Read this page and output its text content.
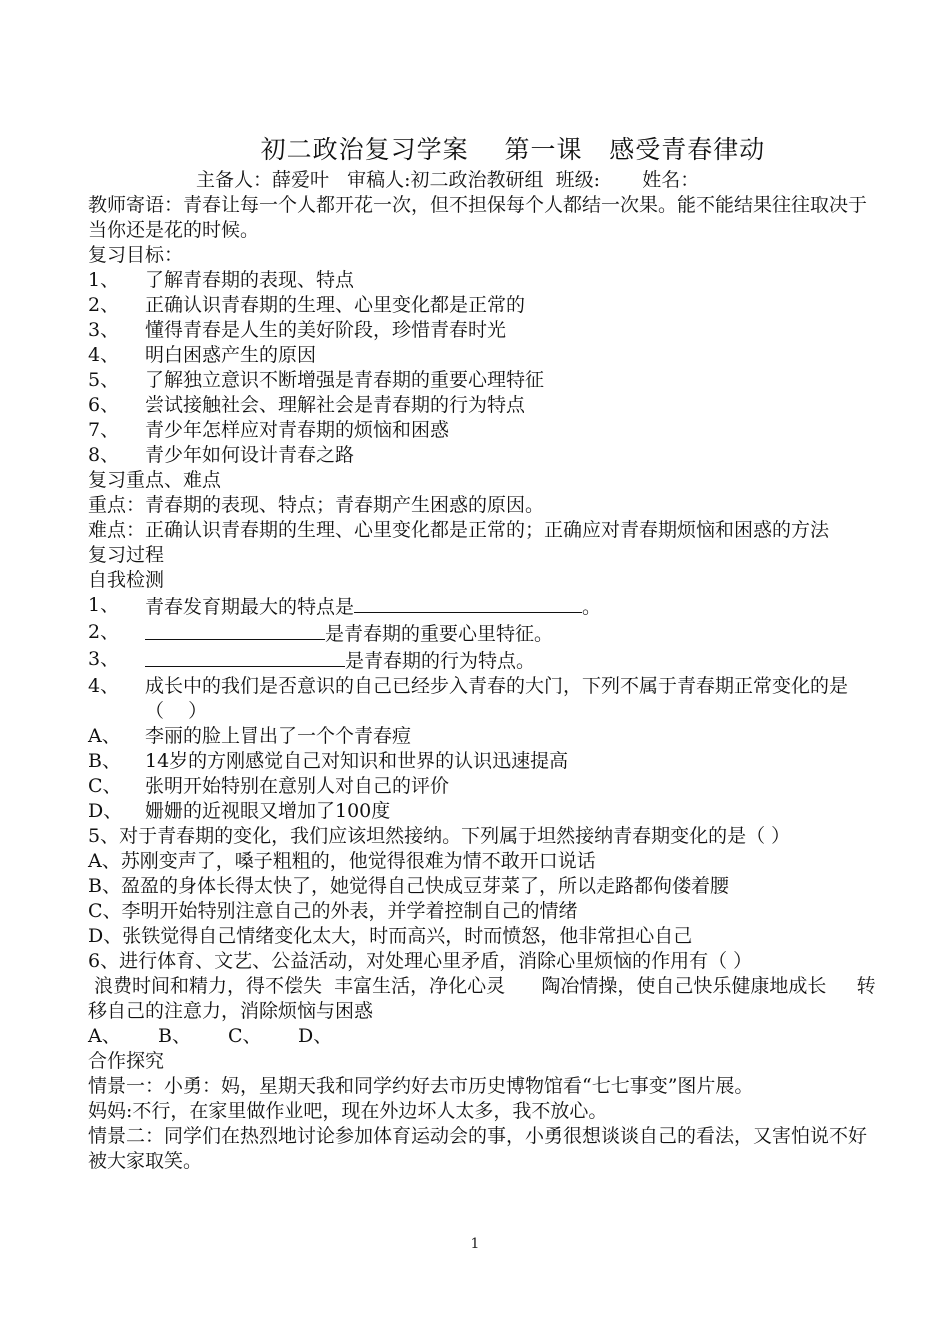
初二政治复习学案    第一课   感受青春律动
主备人：薛爱叶   审稿人:初二政治教研组  班级:       姓名：

教师寄语：青春让每一个人都开花一次，但不担保每个人都结一次果。能不能结果往往取决于当你还是花的时候。

复习目标：

1、	了解青春期的表现、特点
2、	正确认识青春期的生理、心里变化都是正常的
3、	懂得青春是人生的美好阶段，珍惜青春时光
4、	明白困惑产生的原因
5、	了解独立意识不断增强是青春期的重要心理特征
6、	尝试接触社会、理解社会是青春期的行为特点
7、	青少年怎样应对青春期的烦恼和困惑
8、	青少年如何设计青春之路

复习重点、难点

重点：青春期的表现、特点；青春期产生困惑的原因。

难点：正确认识青春期的生理、心里变化都是正常的；正确应对青春期烦恼和困惑的方法

复习过程

自我检测

1、	青春发育期最大的特点是	。
2、	是青春期的重要心里特征。
3、	是青春期的行为特点。
4、	成长中的我们是否意识的自己已经步入青春的大门，下列不属于青春期正常变化的是      （    ）
A、	李丽的脸上冒出了一个个青春痘
B、	14岁的方刚感觉自己对知识和世界的认识迅速提高
C、	张明开始特别在意别人对自己的评价
D、	姗姗的近视眼又增加了100度

5、对于青春期的变化，我们应该坦然接纳。下列属于坦然接纳青春期变化的是（ ）

A、苏刚变声了，嗓子粗粗的，他觉得很难为情不敢开口说话

B、盈盈的身体长得太快了，她觉得自己快成豆芽菜了，所以走路都佝偻着腰

C、李明开始特别注意自己的外表，并学着控制自己的情绪

D、张铁觉得自己情绪变化太大，时而高兴，时而愤怒，他非常担心自己

6、进行体育、文艺、公益活动，对处理心里矛盾，消除心里烦恼的作用有（ ）

浪费时间和精力，得不偿失  丰富生活，净化心灵      陶冶情操，使自己快乐健康地成长     转移自己的注意力，消除烦恼与困惑

A、	B、	C、	D、

合作探究

情景一：小勇：妈，星期天我和同学约好去市历史博物馆看“七七事变”图片展。

妈妈:不行，在家里做作业吧，现在外边坏人太多，我不放心。

情景二：同学们在热烈地讨论参加体育运动会的事，小勇很想谈谈自己的看法，又害怕说不好被大家取笑。

1
